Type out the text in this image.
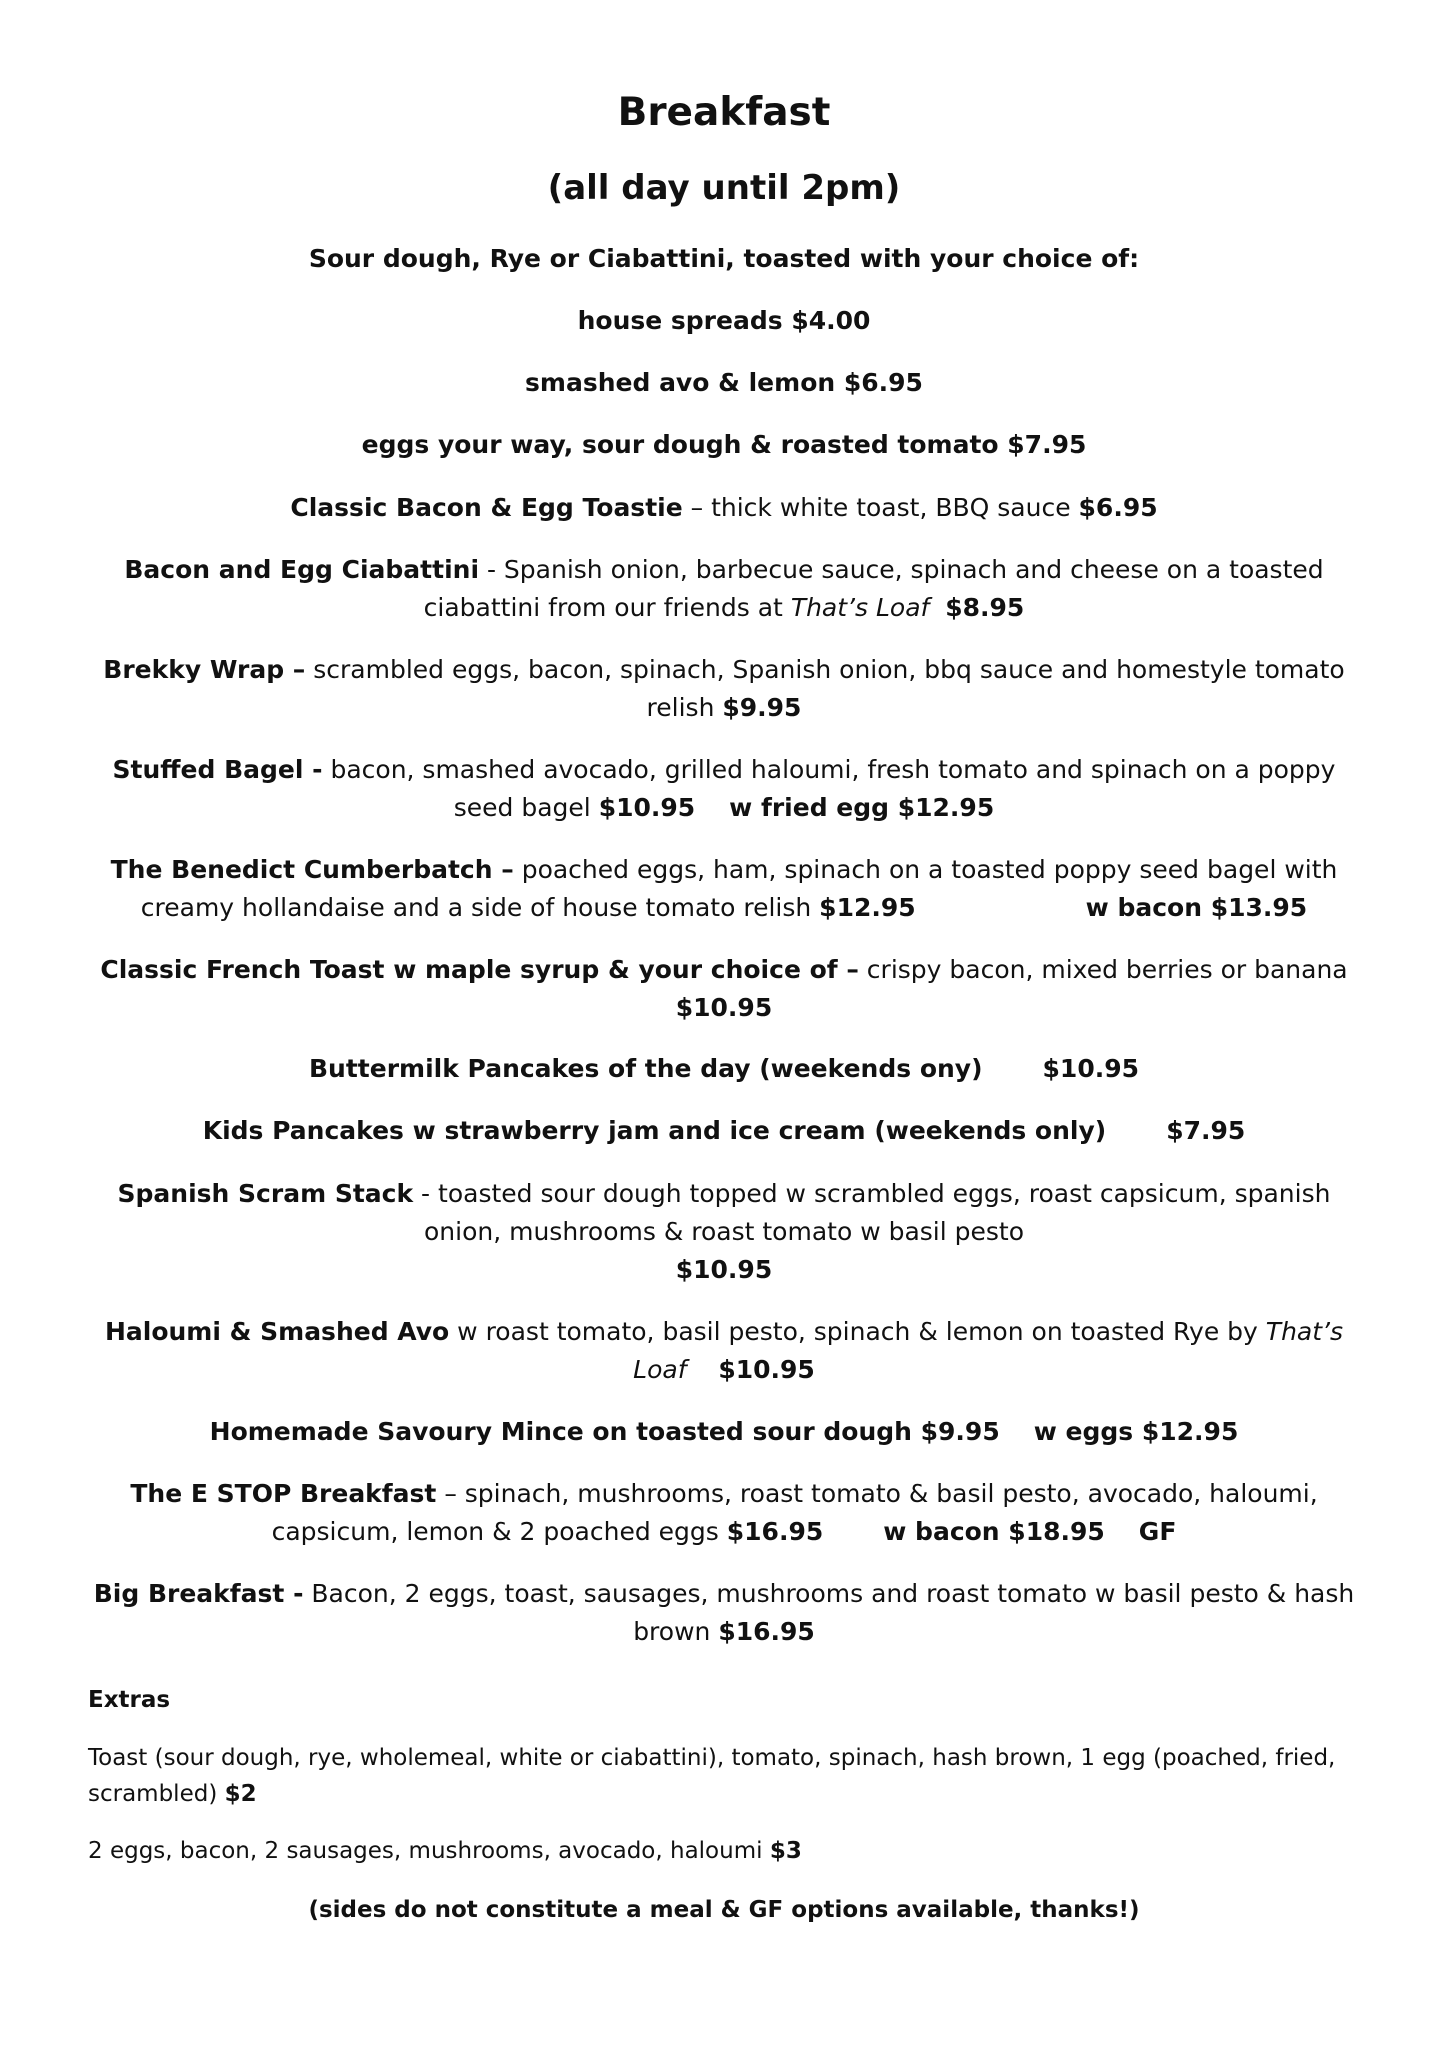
Breakfast
(all day until 2pm)
Sour dough, Rye or Ciabattini, toasted with your choice of:
house spreads $4.00
smashed avo & lemon $6.95
eggs your way, sour dough & roasted tomato $7.95
Classic Bacon & Egg Toastie – thick white toast, BBQ sauce $6.95
Bacon and Egg Ciabattini - Spanish onion, barbecue sauce, spinach and cheese on a toasted ciabattini from our friends at That’s Loaf $8.95
Brekky Wrap – scrambled eggs, bacon, spinach, Spanish onion, bbq sauce and homestyle tomato relish $9.95
Stuffed Bagel - bacon, smashed avocado, grilled haloumi, fresh tomato and spinach on a poppy seed bagel $10.95 w fried egg $12.95
The Benedict Cumberbatch – poached eggs, ham, spinach on a toasted poppy seed bagel with creamy hollandaise and a side of house tomato relish $12.95	w bacon $13.95
Classic French Toast w maple syrup & your choice of – crispy bacon, mixed berries or banana
$10.95
Buttermilk Pancakes of the day (weekends ony) $10.95
Kids Pancakes w strawberry jam and ice cream (weekends only) $7.95
Spanish Scram Stack - toasted sour dough topped w scrambled eggs, roast capsicum, spanish onion, mushrooms & roast tomato w basil pesto
$10.95
Haloumi & Smashed Avo w roast tomato, basil pesto, spinach & lemon on toasted Rye by That’s Loaf $10.95
Homemade Savoury Mince on toasted sour dough $9.95 w eggs $12.95
The E STOP Breakfast – spinach, mushrooms, roast tomato & basil pesto, avocado, haloumi, capsicum, lemon & 2 poached eggs $16.95 w bacon $18.95 GF
Big Breakfast - Bacon, 2 eggs, toast, sausages, mushrooms and roast tomato w basil pesto & hash brown $16.95
Extras
Toast (sour dough, rye, wholemeal, white or ciabattini), tomato, spinach, hash brown, 1 egg (poached, fried, scrambled) $2
2 eggs, bacon, 2 sausages, mushrooms, avocado, haloumi $3
(sides do not constitute a meal & GF options available, thanks!)
